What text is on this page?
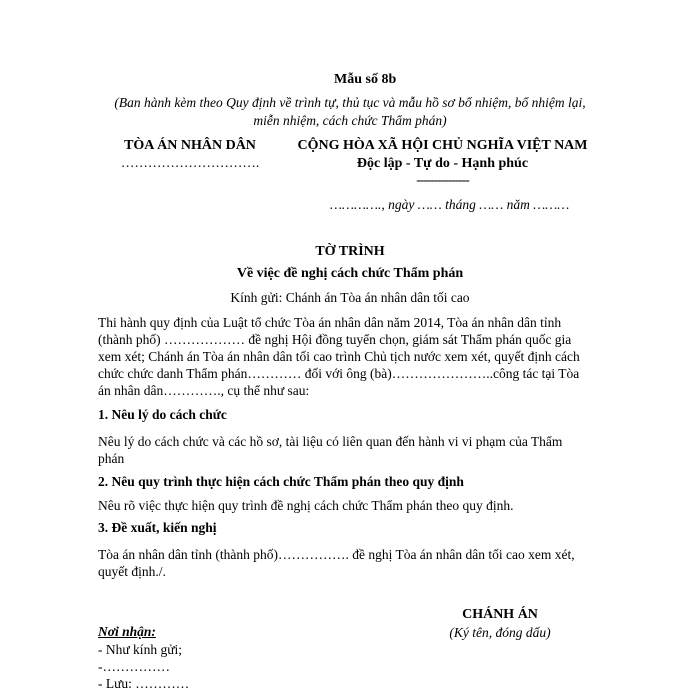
Mẫu số 8b
(Ban hành kèm theo Quy định về trình tự, thủ tục và mẫu hồ sơ bổ nhiệm, bổ nhiệm lại,
miễn nhiệm, cách chức Thẩm phán)
TÒA ÁN NHÂN DÂN
………………………….
CỘNG HÒA XÃ HỘI CHỦ NGHĨA VIỆT NAM
Độc lập - Tự do - Hạnh phúc
---------------
…………., ngày …… tháng …… năm ………
TỜ TRÌNH
Về việc đề nghị cách chức Thẩm phán
Kính gửi: Chánh án Tòa án nhân dân tối cao
Thi hành quy định của Luật tổ chức Tòa án nhân dân năm 2014, Tòa án nhân dân tỉnh
(thành phố) ……………… đề nghị Hội đồng tuyển chọn, giám sát Thẩm phán quốc gia
xem xét; Chánh án Tòa án nhân dân tối cao trình Chủ tịch nước xem xét, quyết định cách
chức chức danh Thẩm phán………… đối với ông (bà)…………………..công tác tại Tòa
án nhân dân…………., cụ thể như sau:
1. Nêu lý do cách chức
Nêu lý do cách chức và các hồ sơ, tài liệu có liên quan đến hành vi vi phạm của Thẩm
phán
2. Nêu quy trình thực hiện cách chức Thẩm phán theo quy định
Nêu rõ việc thực hiện quy trình đề nghị cách chức Thẩm phán theo quy định.
3. Đề xuất, kiến nghị
Tòa án nhân dân tỉnh (thành phố)……………. đề nghị Tòa án nhân dân tối cao xem xét,
quyết định./.
CHÁNH ÁN
(Ký tên, đóng dấu)
Nơi nhận:
- Như kính gửi;
-……………
- Lưu: …………
